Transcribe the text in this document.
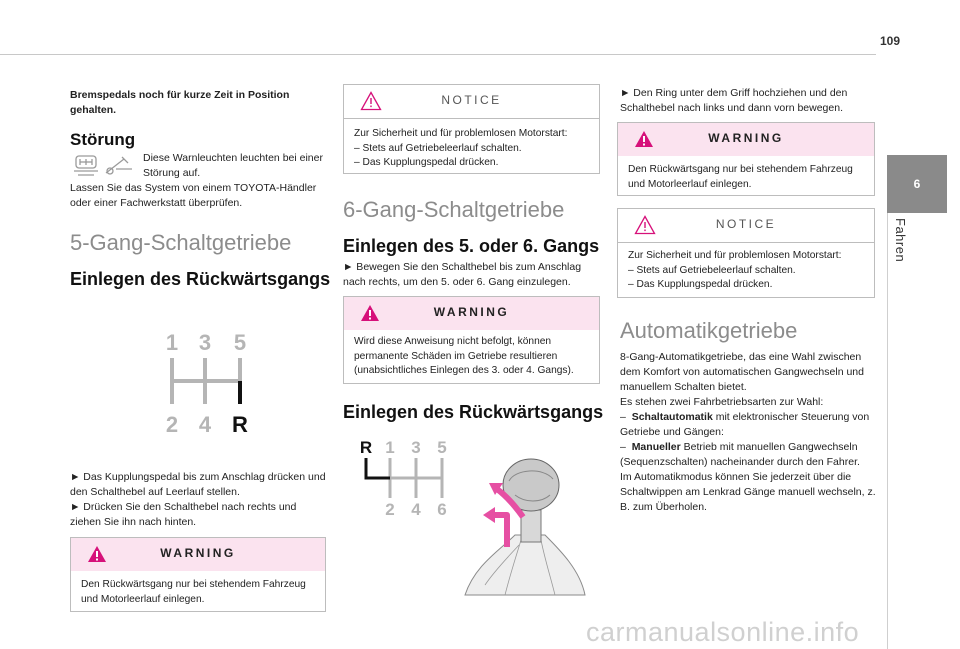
109
6
Fahren

Bremspedals noch für kurze Zeit in Position gehalten.

Störung
Diese Warnleuchten leuchten bei einer Störung auf.
Lassen Sie das System von einem TOYOTA-Händler oder einer Fachwerkstatt überprüfen.
5-Gang-Schaltgetriebe
Einlegen des Rückwärtsgangs
1 3 5
2 4 R
► Das Kupplungspedal bis zum Anschlag drücken und den Schalthebel auf Leerlauf stellen.
► Drücken Sie den Schalthebel nach rechts und ziehen Sie ihn nach hinten.
WARNING
Den Rückwärtsgang nur bei stehendem Fahrzeug und Motorleerlauf einlegen.
NOTICE

Zur Sicherheit und für problemlosen Motorstart:

– Stets auf Getriebeleerlauf schalten.

– Das Kupplungspedal drücken.

6-Gang-Schaltgetriebe
Einlegen des 5. oder 6. Gangs
► Bewegen Sie den Schalthebel bis zum Anschlag nach rechts, um den 5. oder 6. Gang einzulegen.
WARNING
Wird diese Anweisung nicht befolgt, können permanente Schäden im Getriebe resultieren (unabsichtliches Einlegen des 3. oder 4. Gangs).
Einlegen des Rückwärtsgangs
R 1 3 5
2 4 6
► Den Ring unter dem Griff hochziehen und den Schalthebel nach links und dann vorn bewegen.
WARNING
Den Rückwärtsgang nur bei stehendem Fahrzeug und Motorleerlauf einlegen.
NOTICE

Zur Sicherheit und für problemlosen Motorstart:

– Stets auf Getriebeleerlauf schalten.

– Das Kupplungspedal drücken.

Automatikgetriebe

8-Gang-Automatikgetriebe, das eine Wahl zwischen dem Komfort von automatischen Gangwechseln und manuellem Schalten bietet.

Es stehen zwei Fahrbetriebsarten zur Wahl:

–  Schaltautomatik mit elektronischer Steuerung von Getriebe und Gängen:

–  Manueller Betrieb mit manuellen Gangwechseln (Sequenzschalten) nacheinander durch den Fahrer.

Im Automatikmodus können Sie jederzeit über die Schaltwippen am Lenkrad Gänge manuell wechseln, z. B. zum Überholen.

carmanualsonline.info
